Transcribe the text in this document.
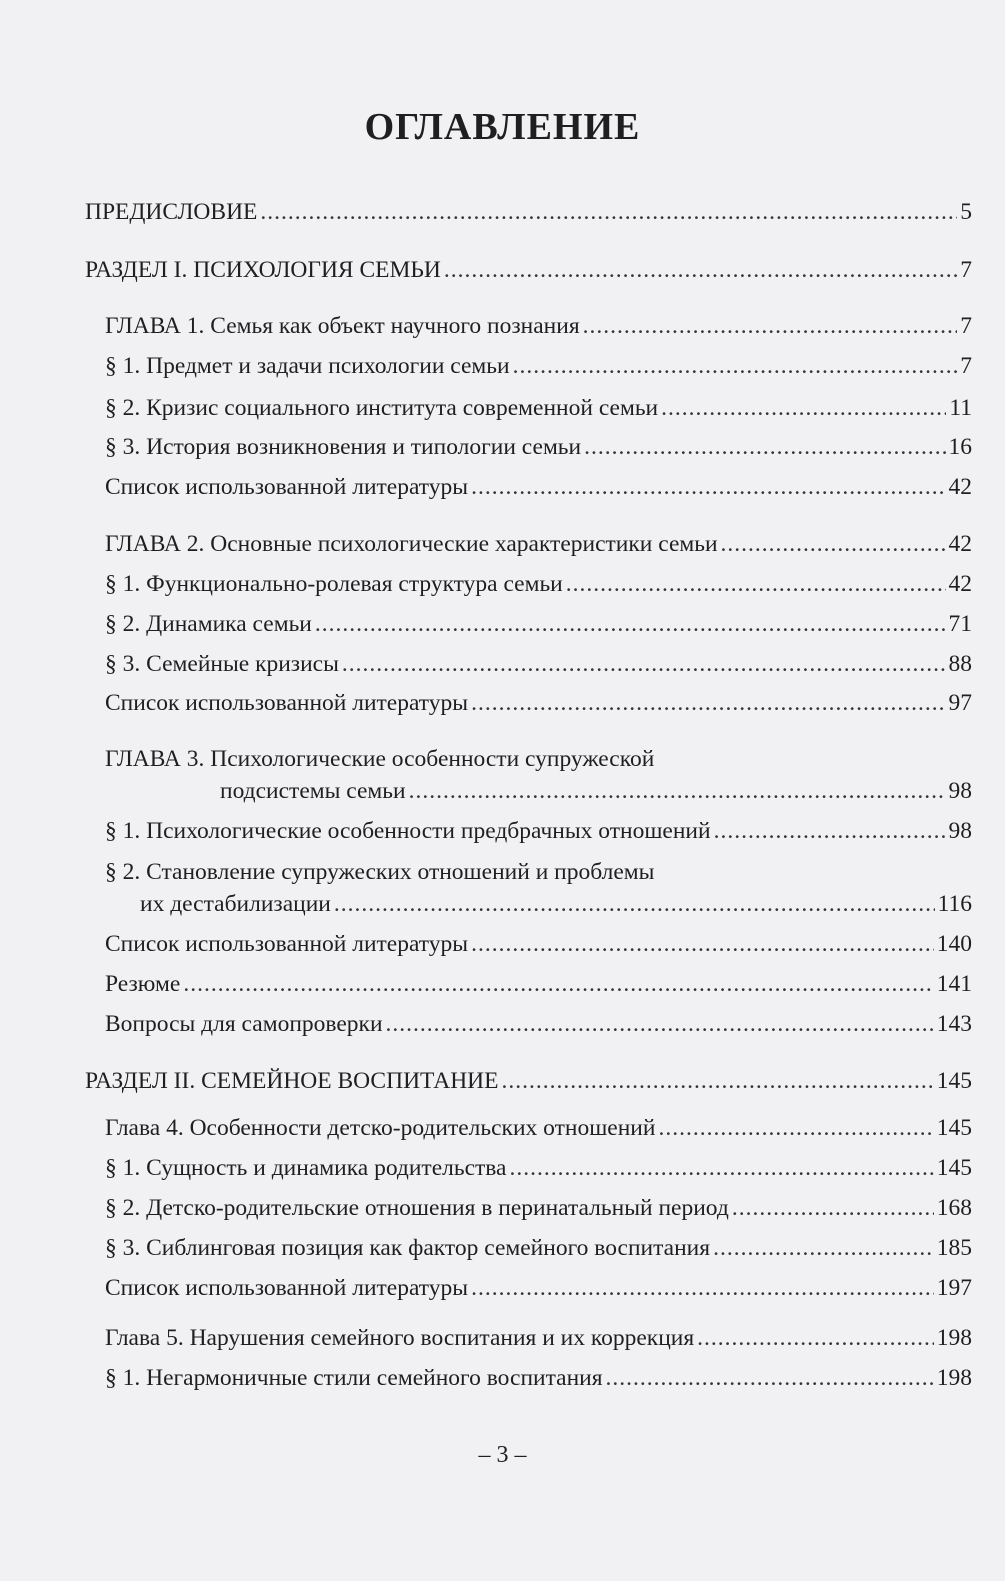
ОГЛАВЛЕНИЕ
ПРЕДИСЛОВИЕ .....	5
РАЗДЕЛ I. ПСИХОЛОГИЯ СЕМЬИ .....	7
ГЛАВА 1. Семья как объект научного познания .....	7
§ 1. Предмет и задачи психологии семьи .....	7
§ 2. Кризис социального института современной семьи .....	11
§ 3. История возникновения и типологии семьи .....	16
Список использованной литературы .....	42
ГЛАВА 2. Основные психологические характеристики семьи .....	42
§ 1. Функционально-ролевая структура семьи .....	42
§ 2. Динамика семьи .....	71
§ 3. Семейные кризисы .....	88
Список использованной литературы .....	97
ГЛАВА 3. Психологические особенности супружеской
подсистемы семьи .....	98
§ 1. Психологические особенности предбрачных отношений .....	98
§ 2. Становление супружеских отношений и проблемы
их дестабилизации .....	116
Список использованной литературы .....	140
Резюме .....	141
Вопросы для самопроверки .....	143
РАЗДЕЛ II. СЕМЕЙНОЕ ВОСПИТАНИЕ .....	145
Глава 4. Особенности детско-родительских отношений .....	145
§ 1. Сущность и динамика родительства .....	145
§ 2. Детско-родительские отношения в перинатальный период .....	168
§ 3. Сиблинговая позиция как фактор семейного воспитания .....	185
Список использованной литературы .....	197
Глава 5. Нарушения семейного воспитания и их коррекция .....	198
§ 1. Негармоничные стили семейного воспитания .....	198
– 3 –
